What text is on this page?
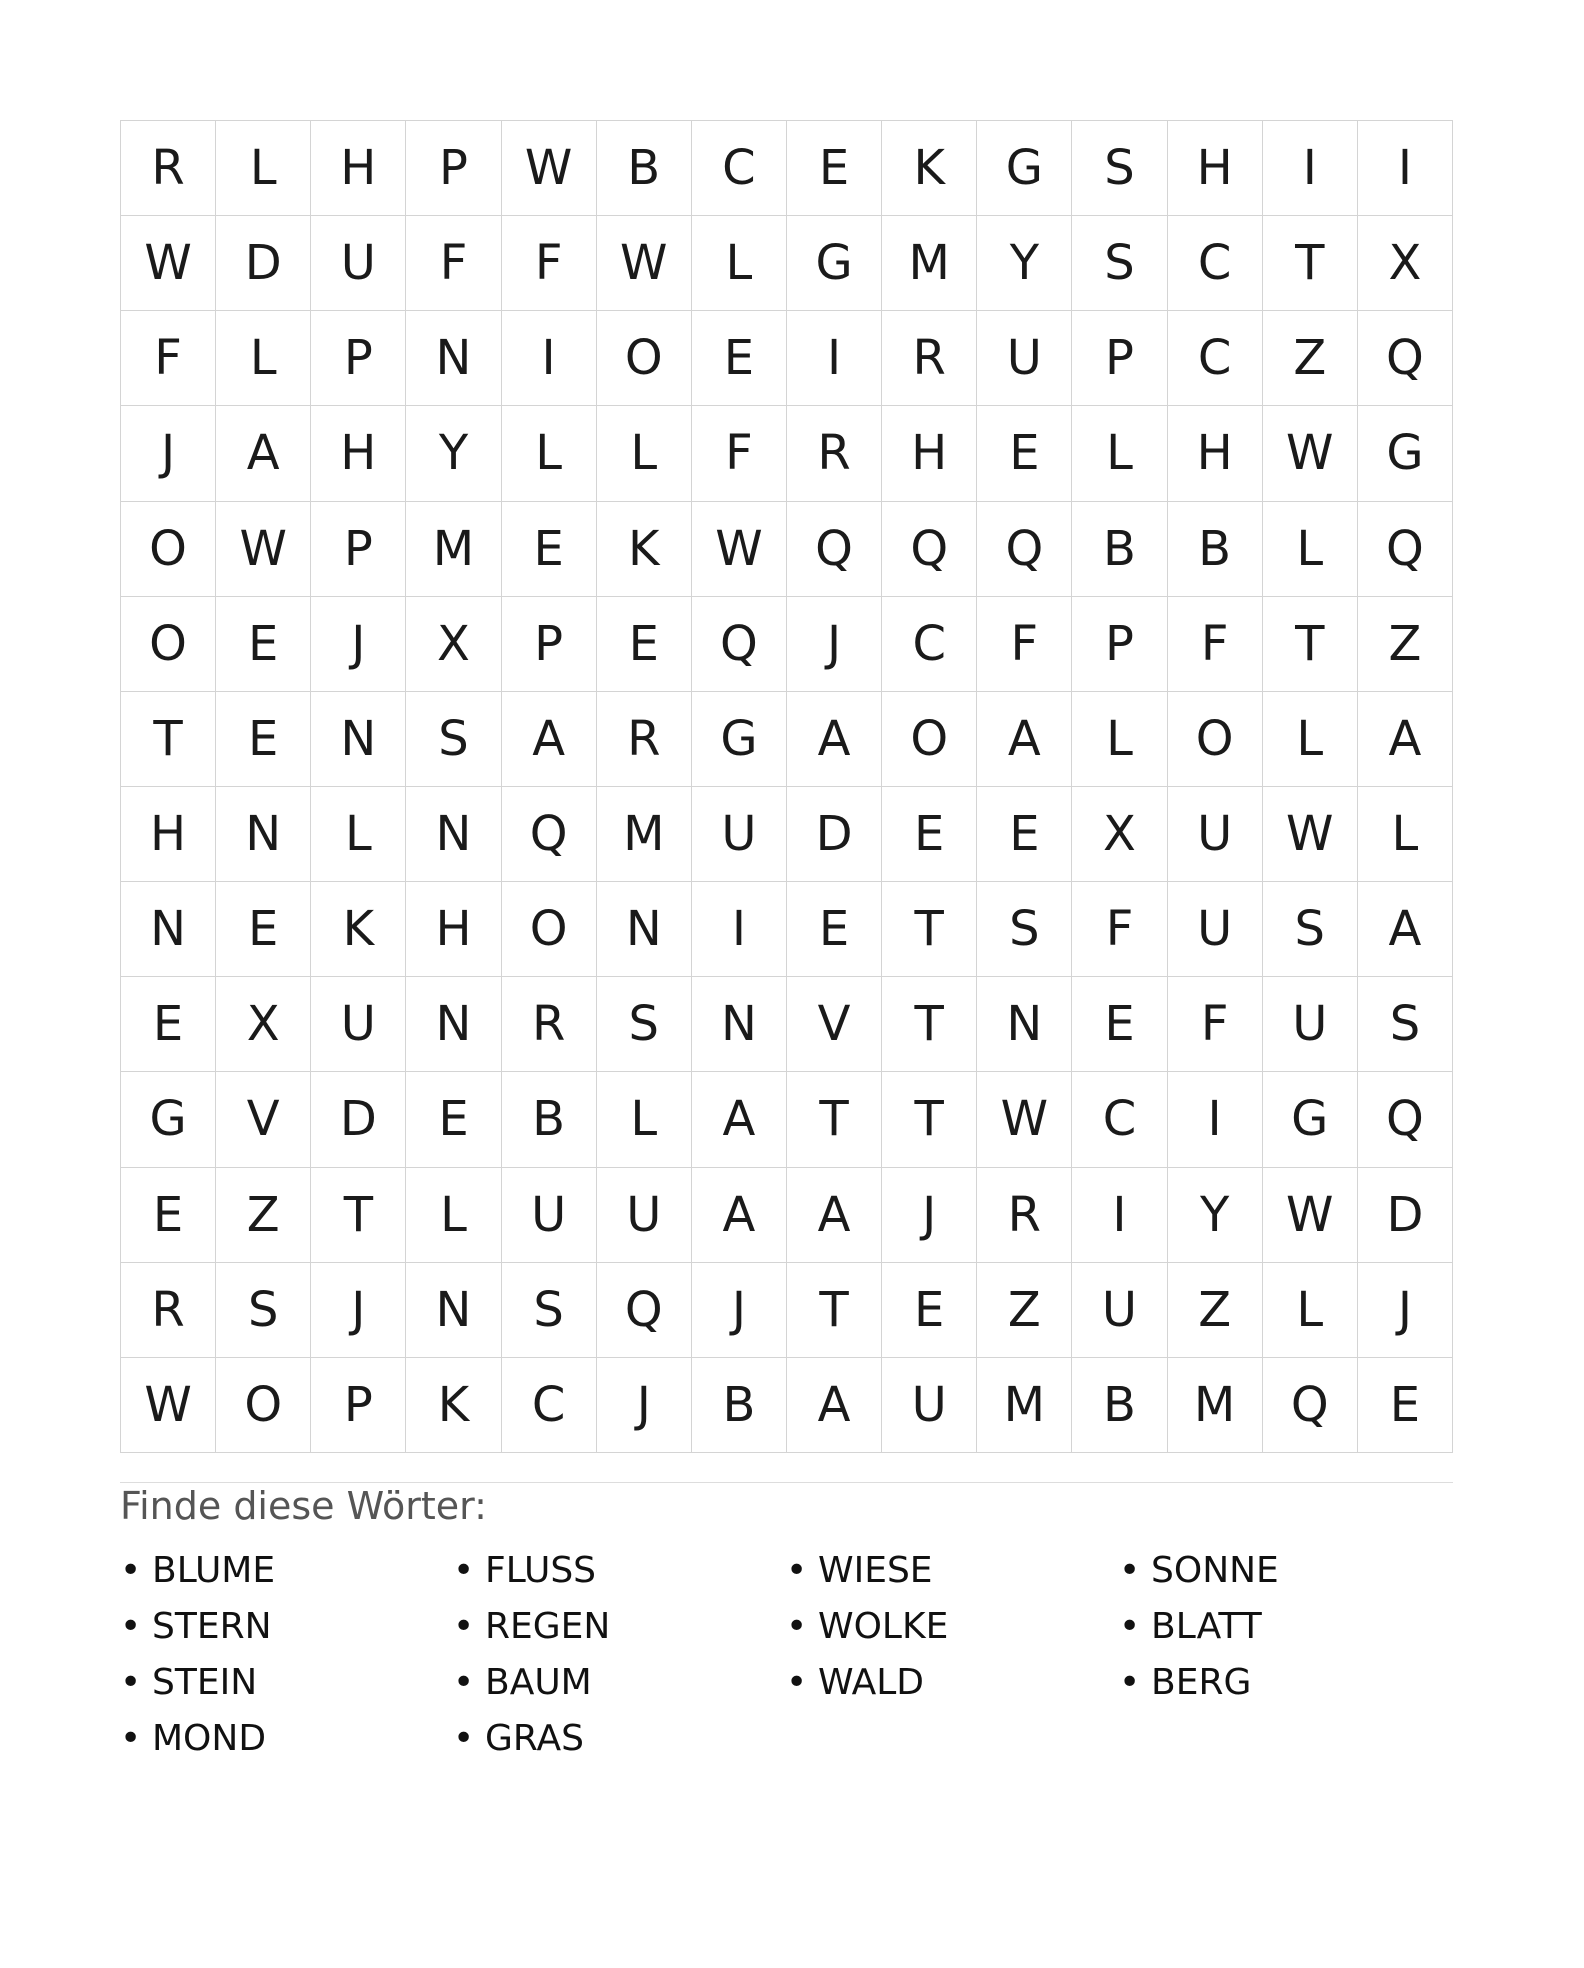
R	L	H	P	W	B	C	E	K	G	S	H	I	I
W	D	U	F	F	W	L	G	M	Y	S	C	T	X
F	L	P	N	I	O	E	I	R	U	P	C	Z	Q
J	A	H	Y	L	L	F	R	H	E	L	H	W	G
O	W	P	M	E	K	W	Q	Q	Q	B	B	L	Q
O	E	J	X	P	E	Q	J	C	F	P	F	T	Z
T	E	N	S	A	R	G	A	O	A	L	O	L	A
H	N	L	N	Q	M	U	D	E	E	X	U	W	L
N	E	K	H	O	N	I	E	T	S	F	U	S	A
E	X	U	N	R	S	N	V	T	N	E	F	U	S
G	V	D	E	B	L	A	T	T	W	C	I	G	Q
E	Z	T	L	U	U	A	A	J	R	I	Y	W	D
R	S	J	N	S	Q	J	T	E	Z	U	Z	L	J
W	O	P	K	C	J	B	A	U	M	B	M	Q	E
Finde diese Wörter:
• BLUME	• FLUSS	• WIESE	• SONNE
• STERN	• REGEN	• WOLKE	• BLATT
• STEIN	• BAUM	• WALD	• BERG
• MOND	• GRAS
